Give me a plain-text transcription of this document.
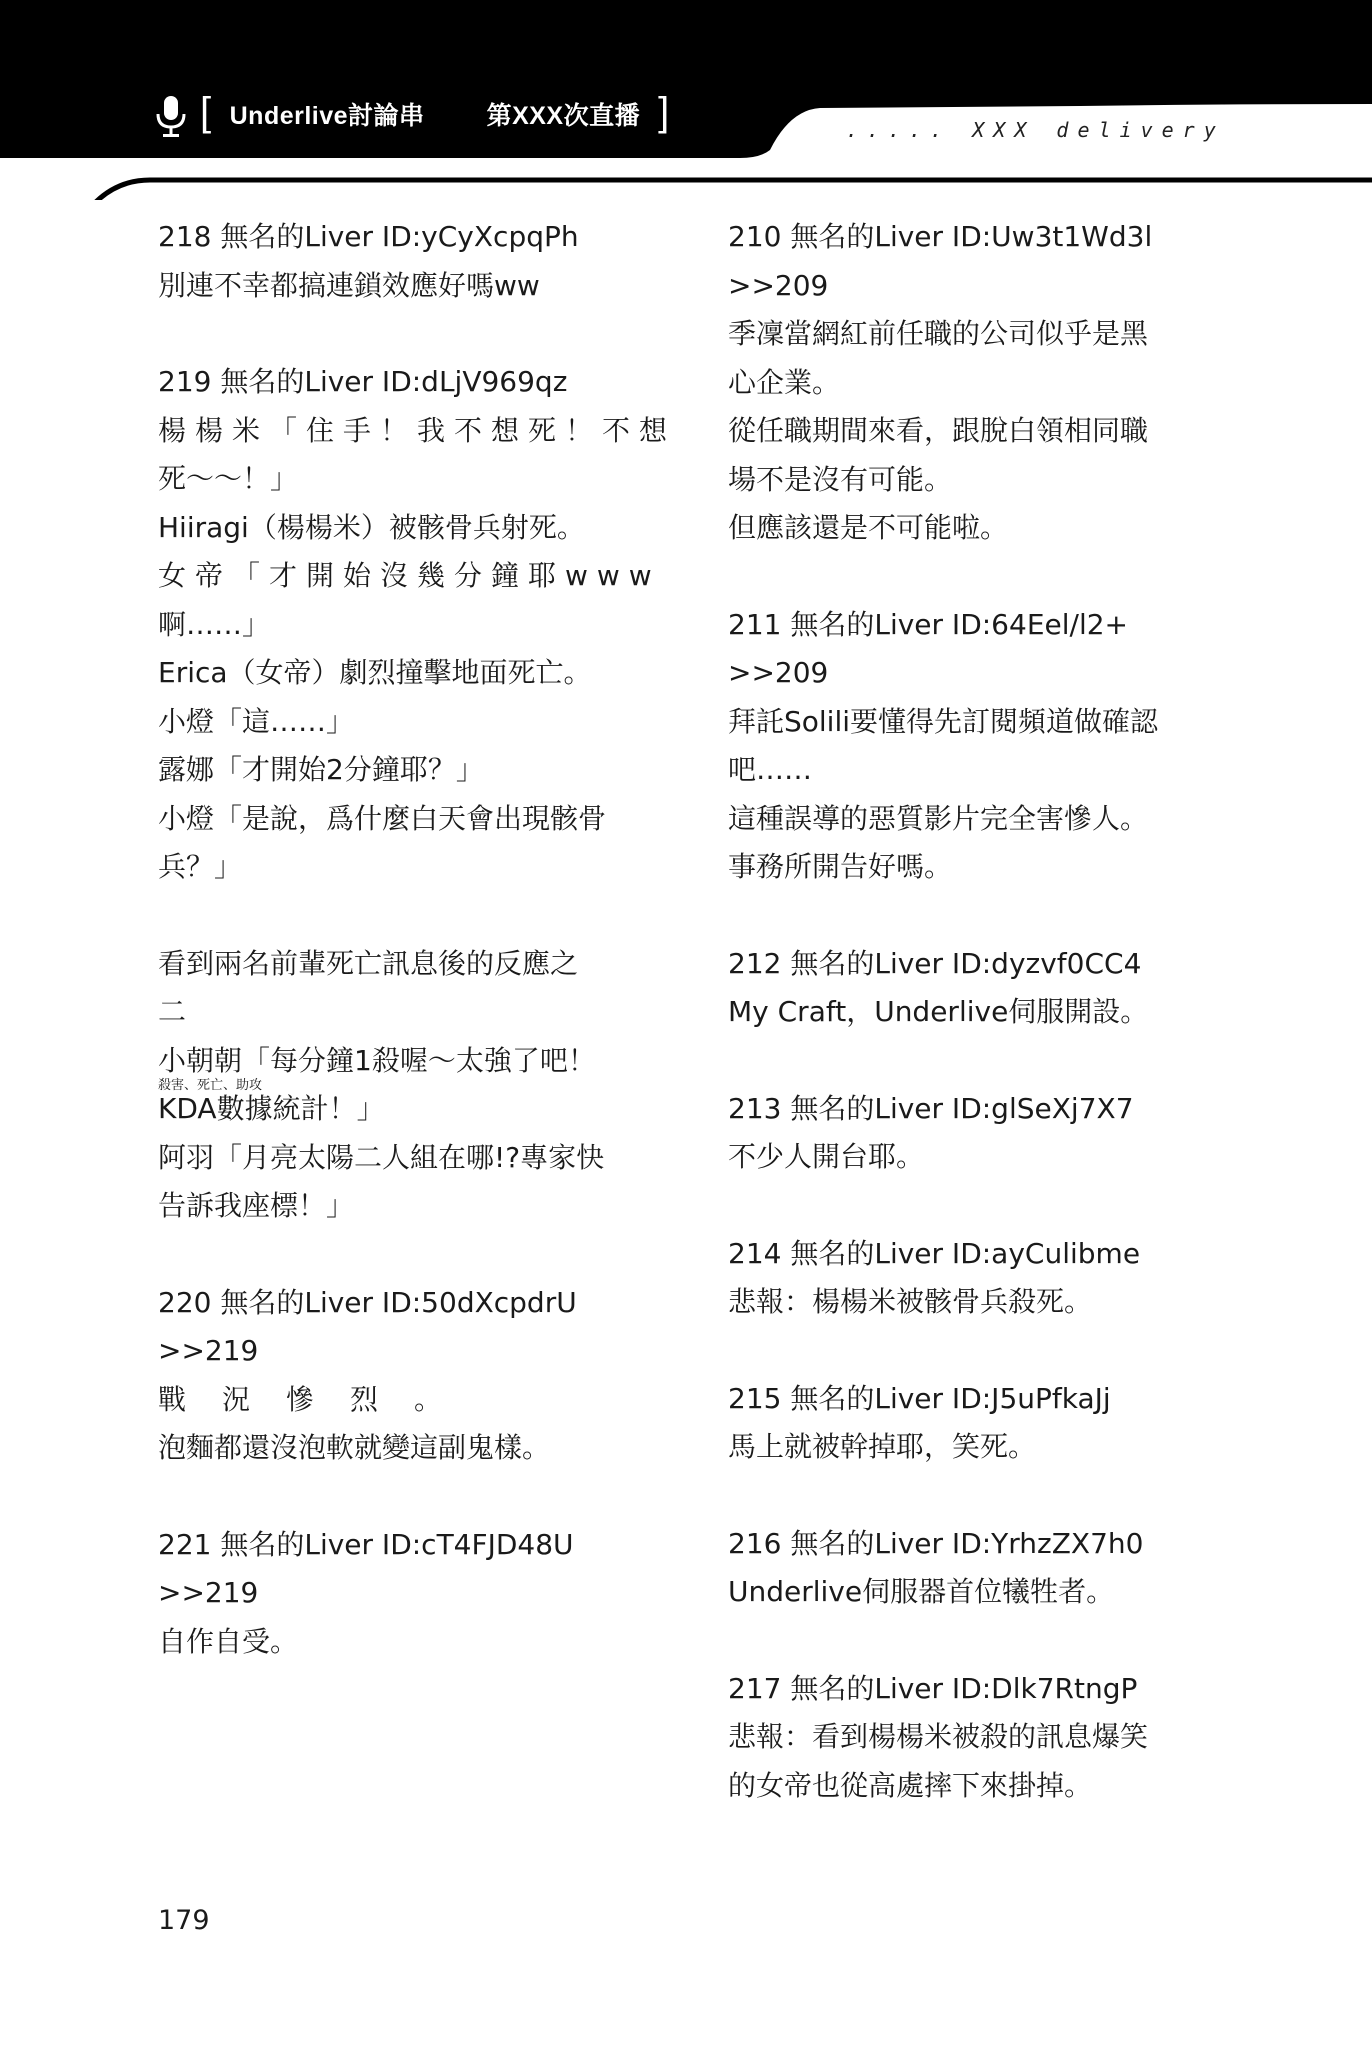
[ Underlive討論串 第XXX次直播 ]	..... XXX delivery
218 無名的Liver ID:yCyXcpqPh
別連不幸都搞連鎖效應好嗎ww
219 無名的Liver ID:dLjV969qz
楊楊米「住手！我不想死！不想
死～～！」
Hiiragi（楊楊米）被骸骨兵射死。
女帝「才開始沒幾分鐘耶www
啊……」
Erica（女帝）劇烈撞擊地面死亡。
小燈「這……」
露娜「才開始2分鐘耶？」
小燈「是說，爲什麼白天會出現骸骨
兵？」
看到兩名前輩死亡訊息後的反應之
二
小朝朝「每分鐘1殺喔～太強了吧！
KDA數據統計！」
殺害、死亡、助攻
阿羽「月亮太陽二人組在哪!?專家快
告訴我座標！」
220 無名的Liver ID:50dXcpdrU
>>219
戰況慘烈。
泡麵都還沒泡軟就變這副鬼樣。
221 無名的Liver ID:cT4FJD48U
>>219
自作自受。
210 無名的Liver ID:Uw3t1Wd3l
>>209
季凜當網紅前任職的公司似乎是黑
心企業。
從任職期間來看，跟脫白領相同職
場不是沒有可能。
但應該還是不可能啦。
211 無名的Liver ID:64Eel/l2+
>>209
拜託Solili要懂得先訂閱頻道做確認
吧……
這種誤導的惡質影片完全害慘人。
事務所開告好嗎。
212 無名的Liver ID:dyzvf0CC4
My Craft，Underlive伺服開設。
213 無名的Liver ID:glSeXj7X7
不少人開台耶。
214 無名的Liver ID:ayCulibme
悲報：楊楊米被骸骨兵殺死。
215 無名的Liver ID:J5uPfkaJj
馬上就被幹掉耶，笑死。
216 無名的Liver ID:YrhzZX7h0
Underlive伺服器首位犧牲者。
217 無名的Liver ID:Dlk7RtngP
悲報：看到楊楊米被殺的訊息爆笑
的女帝也從高處摔下來掛掉。
179
